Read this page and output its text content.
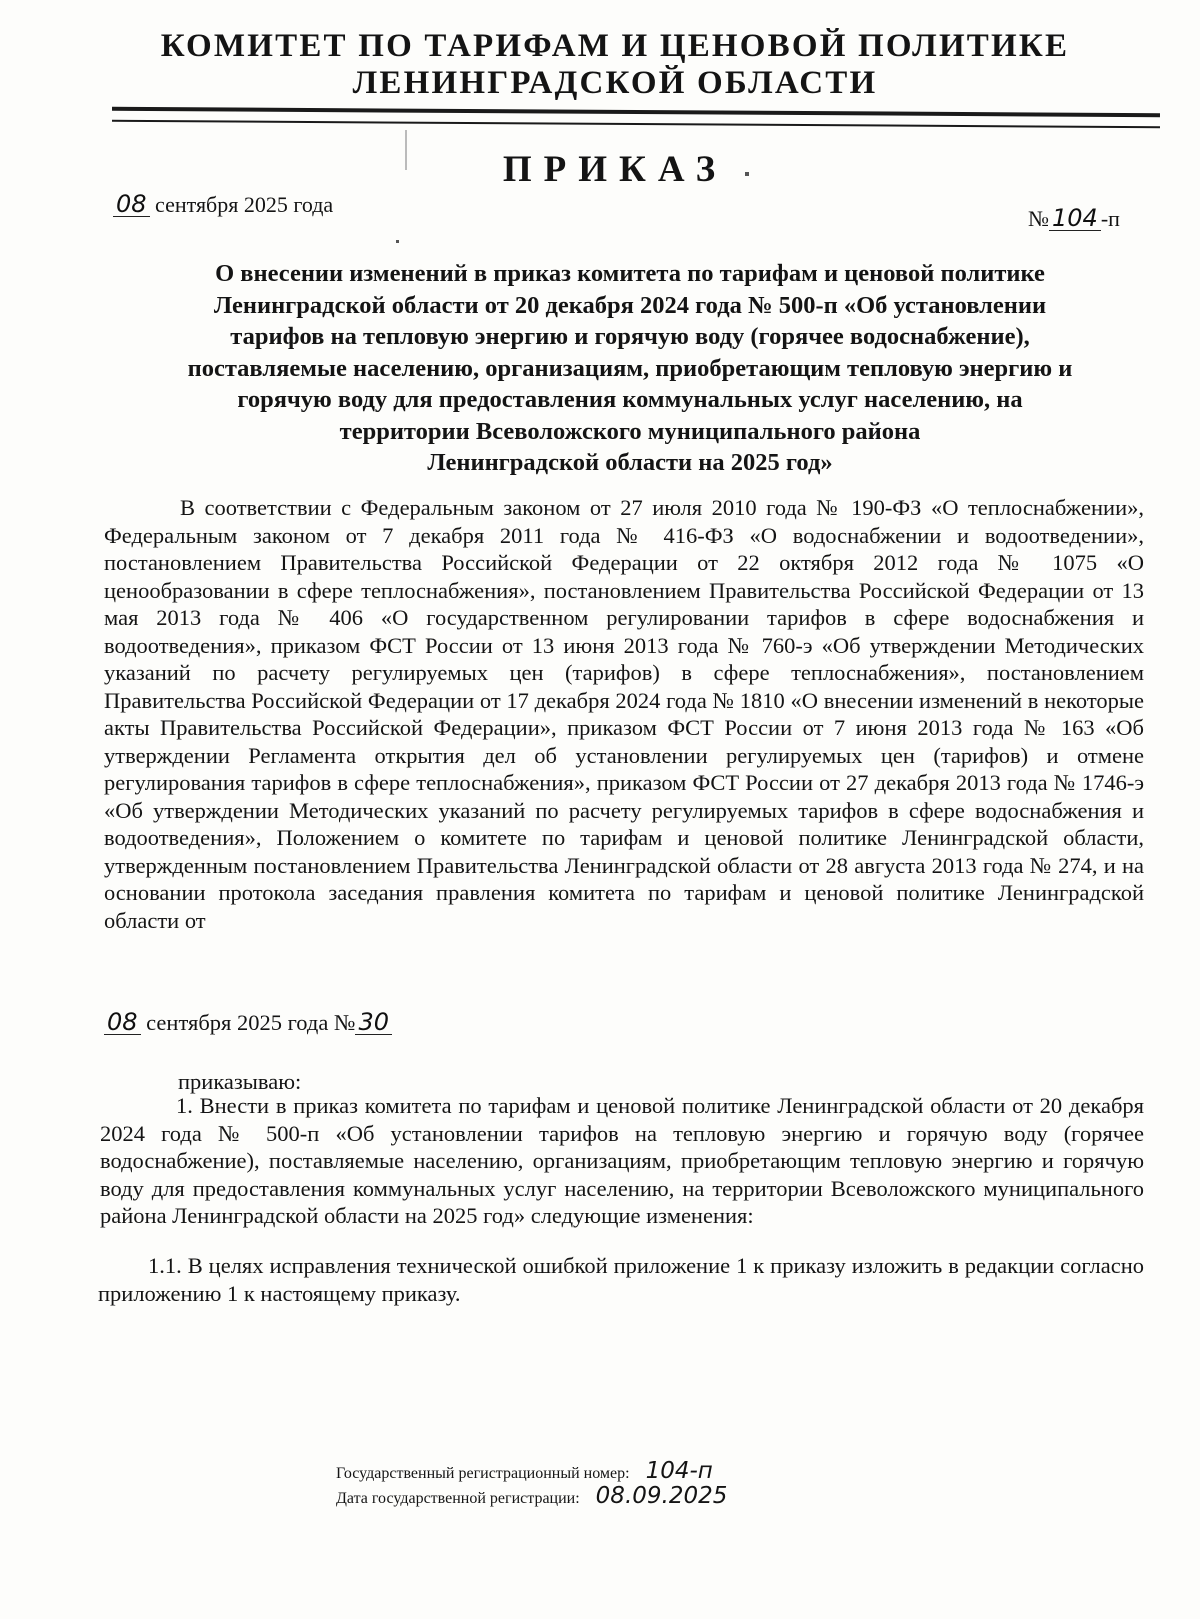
КОМИТЕТ ПО ТАРИФАМ И ЦЕНОВОЙ ПОЛИТИКЕ
ЛЕНИНГРАДСКОЙ ОБЛАСТИ
ПРИКАЗ
08 сентября 2025 года
№ 104 -п
О внесении изменений в приказ комитета по тарифам и ценовой политике
Ленинградской области от 20 декабря 2024 года № 500-п «Об установлении
тарифов на тепловую энергию и горячую воду (горячее водоснабжение),
поставляемые населению, организациям, приобретающим тепловую энергию и
горячую воду для предоставления коммунальных услуг населению, на
территории Всеволожского муниципального района
Ленинградской области на 2025 год»

В соответствии с Федеральным законом от 27 июля 2010 года № 190-ФЗ «О теплоснабжении», Федеральным законом от 7 декабря 2011 года № 416-ФЗ «О водоснабжении и водоотведении», постановлением Правительства Российской Федерации от 22 октября 2012 года № 1075 «О ценообразовании в сфере теплоснабжения», постановлением Правительства Российской Федерации от 13 мая 2013 года № 406 «О государственном регулировании тарифов в сфере водоснабжения и водоотведения», приказом ФСТ России от 13 июня 2013 года № 760-э «Об утверждении Методических указаний по расчету регулируемых цен (тарифов) в сфере теплоснабжения», постановлением Правительства Российской Федерации от 17 декабря 2024 года № 1810 «О внесении изменений в некоторые акты Правительства Российской Федерации», приказом ФСТ России от 7 июня 2013 года № 163 «Об утверждении Регламента открытия дел об установлении регулируемых цен (тарифов) и отмене регулирования тарифов в сфере теплоснабжения», приказом ФСТ России от 27 декабря 2013 года № 1746-э «Об утверждении Методических указаний по расчету регулируемых тарифов в сфере водоснабжения и водоотведения», Положением о комитете по тарифам и ценовой политике Ленинградской области, утвержденным постановлением Правительства Ленинградской области от 28 августа 2013 года № 274, и на основании протокола заседания правления комитета по тарифам и ценовой политике Ленинградской области от

08 сентября 2025 года № 30
приказываю:

1. Внести в приказ комитета по тарифам и ценовой политике Ленинградской области от 20 декабря 2024 года № 500-п «Об установлении тарифов на тепловую энергию и горячую воду (горячее водоснабжение), поставляемые населению, организациям, приобретающим тепловую энергию и горячую воду для предоставления коммунальных услуг населению, на территории Всеволожского муниципального района Ленинградской области на 2025 год» следующие изменения:

1.1. В целях исправления технической ошибкой приложение 1 к приказу изложить в редакции согласно приложению 1 к настоящему приказу.

Государственный регистрационный номер: 104-п
Дата государственной регистрации: 08.09.2025
